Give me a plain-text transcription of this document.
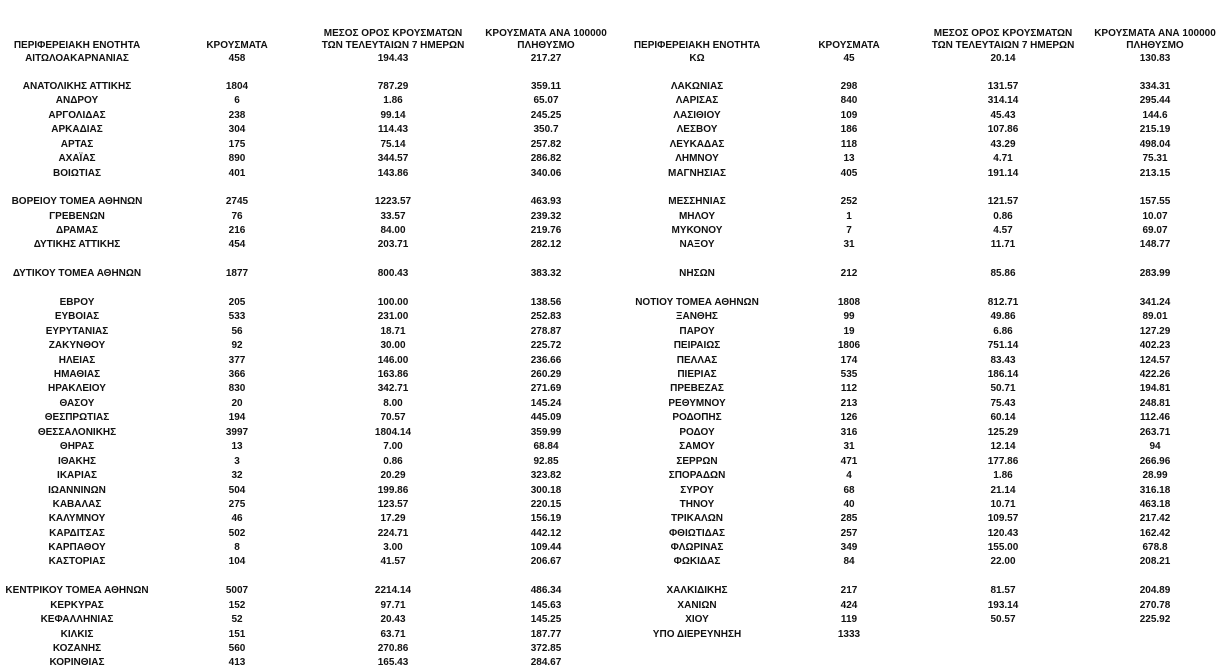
ΠΕΡΙΦΕΡΕΙΑΚΗ ΕΝΟΤΗΤΑ	ΚΡΟΥΣΜΑΤΑ
ΜΕΣΟΣ ΟΡΟΣ ΚΡΟΥΣΜΑΤΩΝ
ΤΩΝ ΤΕΛΕΥΤΑΙΩΝ 7 ΗΜΕΡΩΝ
ΚΡΟΥΣΜΑΤΑ ΑΝΑ 100000
ΠΛΗΘΥΣΜΟ
ΑΙΤΩΛΟΑΚΑΡΝΑΝΙΑΣ	458	194.43	217.27
ΑΝΑΤΟΛΙΚΗΣ ΑΤΤΙΚΗΣ	1804	787.29	359.11
ΑΝΔΡΟΥ	6	1.86	65.07
ΑΡΓΟΛΙΔΑΣ	238	99.14	245.25
ΑΡΚΑΔΙΑΣ	304	114.43	350.7
ΑΡΤΑΣ	175	75.14	257.82
ΑΧΑΪΑΣ	890	344.57	286.82
ΒΟΙΩΤΙΑΣ	401	143.86	340.06
ΒΟΡΕΙΟΥ ΤΟΜΕΑ ΑΘΗΝΩΝ	2745	1223.57	463.93
ΓΡΕΒΕΝΩΝ	76	33.57	239.32
ΔΡΑΜΑΣ	216	84.00	219.76
ΔΥΤΙΚΗΣ ΑΤΤΙΚΗΣ	454	203.71	282.12
ΔΥΤΙΚΟΥ ΤΟΜΕΑ ΑΘΗΝΩΝ	1877	800.43	383.32
ΕΒΡΟΥ	205	100.00	138.56
ΕΥΒΟΙΑΣ	533	231.00	252.83
ΕΥΡΥΤΑΝΙΑΣ	56	18.71	278.87
ΖΑΚΥΝΘΟΥ	92	30.00	225.72
ΗΛΕΙΑΣ	377	146.00	236.66
ΗΜΑΘΙΑΣ	366	163.86	260.29
ΗΡΑΚΛΕΙΟΥ	830	342.71	271.69
ΘΑΣΟΥ	20	8.00	145.24
ΘΕΣΠΡΩΤΙΑΣ	194	70.57	445.09
ΘΕΣΣΑΛΟΝΙΚΗΣ	3997	1804.14	359.99
ΘΗΡΑΣ	13	7.00	68.84
ΙΘΑΚΗΣ	3	0.86	92.85
ΙΚΑΡΙΑΣ	32	20.29	323.82
ΙΩΑΝΝΙΝΩΝ	504	199.86	300.18
ΚΑΒΑΛΑΣ	275	123.57	220.15
ΚΑΛΥΜΝΟΥ	46	17.29	156.19
ΚΑΡΔΙΤΣΑΣ	502	224.71	442.12
ΚΑΡΠΑΘΟΥ	8	3.00	109.44
ΚΑΣΤΟΡΙΑΣ	104	41.57	206.67
ΚΕΝΤΡΙΚΟΥ ΤΟΜΕΑ ΑΘΗΝΩΝ	5007	2214.14	486.34
ΚΕΡΚΥΡΑΣ	152	97.71	145.63
ΚΕΦΑΛΛΗΝΙΑΣ	52	20.43	145.25
ΚΙΛΚΙΣ	151	63.71	187.77
ΚΟΖΑΝΗΣ	560	270.86	372.85
ΚΟΡΙΝΘΙΑΣ	413	165.43	284.67
ΠΕΡΙΦΕΡΕΙΑΚΗ ΕΝΟΤΗΤΑ	ΚΡΟΥΣΜΑΤΑ
ΜΕΣΟΣ ΟΡΟΣ ΚΡΟΥΣΜΑΤΩΝ
ΤΩΝ ΤΕΛΕΥΤΑΙΩΝ 7 ΗΜΕΡΩΝ
ΚΡΟΥΣΜΑΤΑ ΑΝΑ 100000
ΠΛΗΘΥΣΜΟ
ΚΩ	45	20.14	130.83
ΛΑΚΩΝΙΑΣ	298	131.57	334.31
ΛΑΡΙΣΑΣ	840	314.14	295.44
ΛΑΣΙΘΙΟΥ	109	45.43	144.6
ΛΕΣΒΟΥ	186	107.86	215.19
ΛΕΥΚΑΔΑΣ	118	43.29	498.04
ΛΗΜΝΟΥ	13	4.71	75.31
ΜΑΓΝΗΣΙΑΣ	405	191.14	213.15
ΜΕΣΣΗΝΙΑΣ	252	121.57	157.55
ΜΗΛΟΥ	1	0.86	10.07
ΜΥΚΟΝΟΥ	7	4.57	69.07
ΝΑΞΟΥ	31	11.71	148.77
ΝΗΣΩΝ	212	85.86	283.99
ΝΟΤΙΟΥ ΤΟΜΕΑ ΑΘΗΝΩΝ	1808	812.71	341.24
ΞΑΝΘΗΣ	99	49.86	89.01
ΠΑΡΟΥ	19	6.86	127.29
ΠΕΙΡΑΙΩΣ	1806	751.14	402.23
ΠΕΛΛΑΣ	174	83.43	124.57
ΠΙΕΡΙΑΣ	535	186.14	422.26
ΠΡΕΒΕΖΑΣ	112	50.71	194.81
ΡΕΘΥΜΝΟΥ	213	75.43	248.81
ΡΟΔΟΠΗΣ	126	60.14	112.46
ΡΟΔΟΥ	316	125.29	263.71
ΣΑΜΟΥ	31	12.14	94
ΣΕΡΡΩΝ	471	177.86	266.96
ΣΠΟΡΑΔΩΝ	4	1.86	28.99
ΣΥΡΟΥ	68	21.14	316.18
ΤΗΝΟΥ	40	10.71	463.18
ΤΡΙΚΑΛΩΝ	285	109.57	217.42
ΦΘΙΩΤΙΔΑΣ	257	120.43	162.42
ΦΛΩΡΙΝΑΣ	349	155.00	678.8
ΦΩΚΙΔΑΣ	84	22.00	208.21
ΧΑΛΚΙΔΙΚΗΣ	217	81.57	204.89
ΧΑΝΙΩΝ	424	193.14	270.78
ΧΙΟΥ	119	50.57	225.92
ΥΠΟ ΔΙΕΡΕΥΝΗΣΗ	1333
